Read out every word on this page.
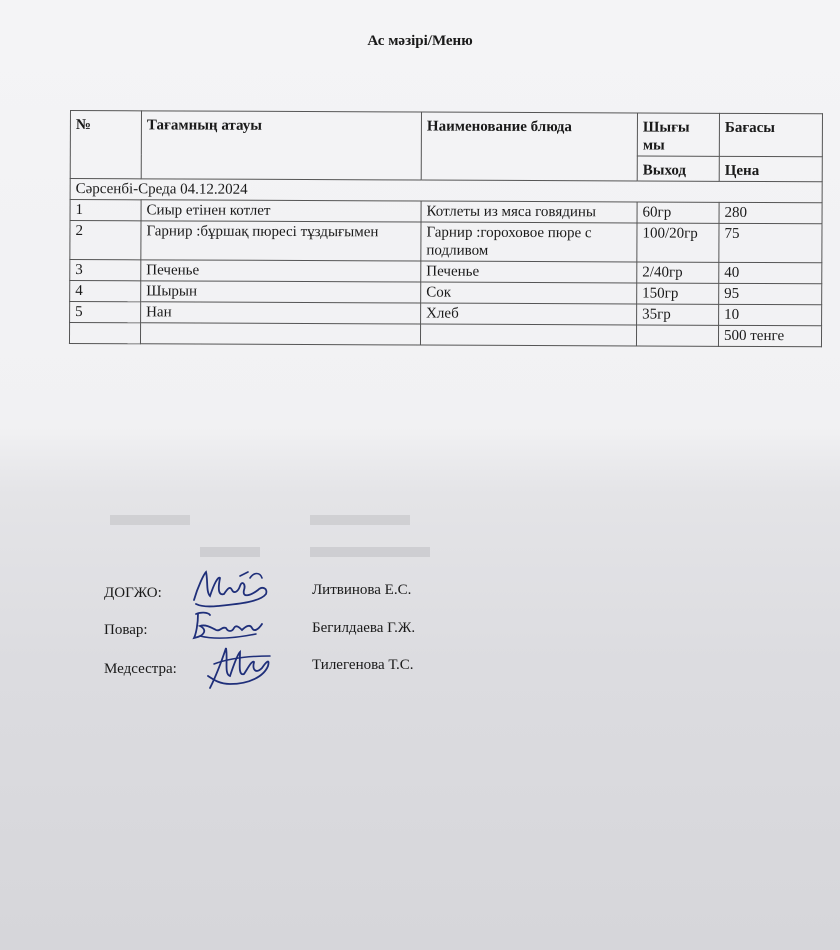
Ас мәзірі/Меню
№	Тағамның атауы	Наименование блюда	Шығы мы	Бағасы
			Выход	Цена
Сәрсенбі-Среда 04.12.2024				
1	Сиыр етінен котлет	Котлеты из мяса говядины	60гр	280
2	Гарнир :бұршақ пюресі тұздығымен	Гарнир :гороховое пюре с подливом	100/20гр	75
3	Печенье	Печенье	2/40гр	40
4	Шырын	Сок	150гр	95
5	Нан	Хлеб	35гр	10
				500 тенге
ДОГЖО:	Литвинова Е.С.
Повар:	Бегилдаева Г.Ж.
Медсестра:	Тилегенова Т.С.
